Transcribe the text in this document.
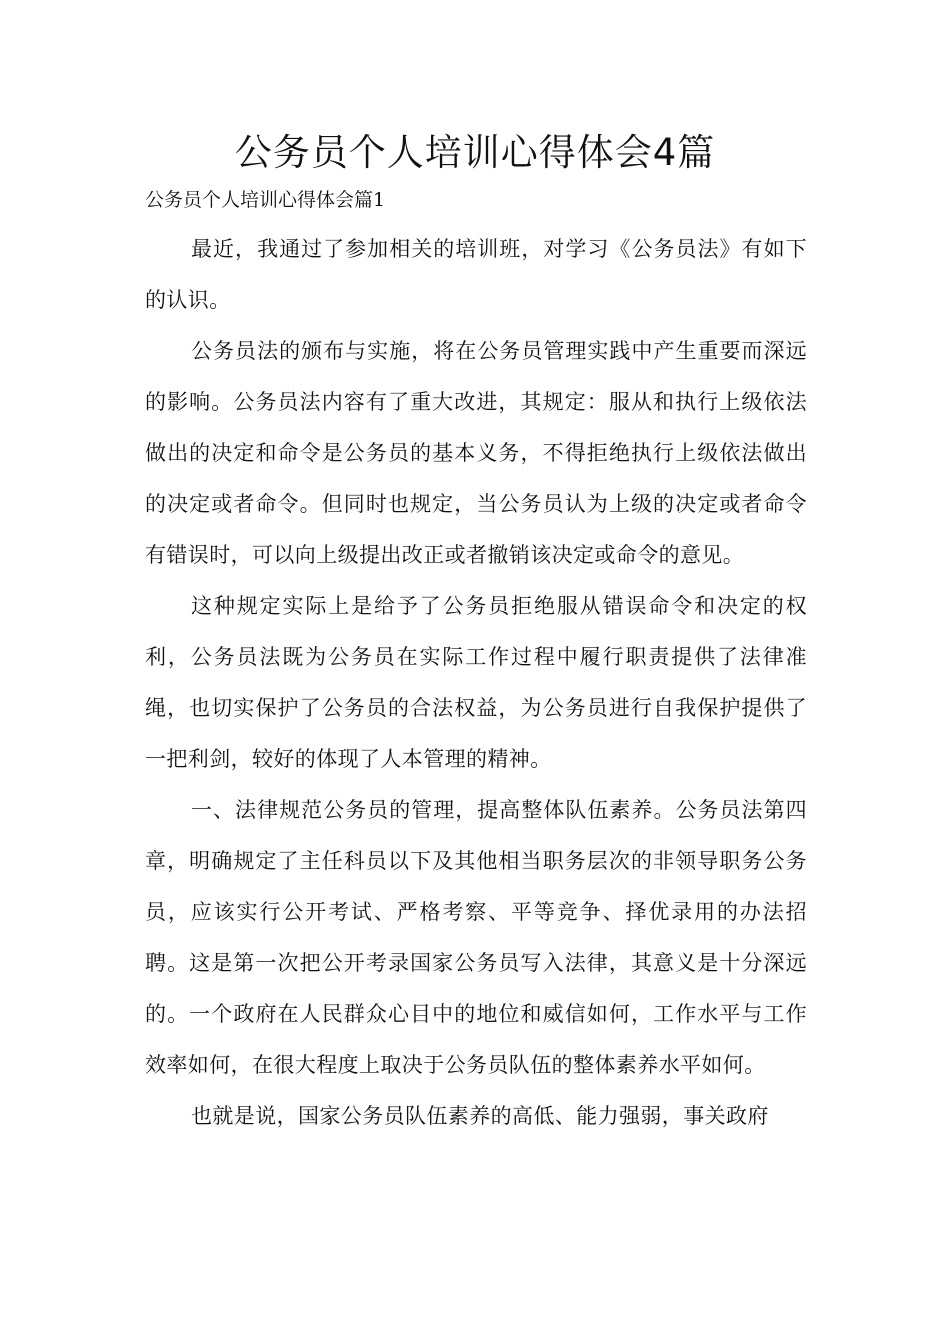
公务员个人培训心得体会4篇

公务员个人培训心得体会篇1

最近，我通过了参加相关的培训班，对学习《公务员法》有如下的认识。

公务员法的颁布与实施，将在公务员管理实践中产生重要而深远的影响。公务员法内容有了重大改进，其规定：服从和执行上级依法做出的决定和命令是公务员的基本义务，不得拒绝执行上级依法做出的决定或者命令。但同时也规定，当公务员认为上级的决定或者命令有错误时，可以向上级提出改正或者撤销该决定或命令的意见。

这种规定实际上是给予了公务员拒绝服从错误命令和决定的权利，公务员法既为公务员在实际工作过程中履行职责提供了法律准绳，也切实保护了公务员的合法权益，为公务员进行自我保护提供了一把利剑，较好的体现了人本管理的精神。

一、法律规范公务员的管理，提高整体队伍素养。公务员法第四章，明确规定了主任科员以下及其他相当职务层次的非领导职务公务员，应该实行公开考试、严格考察、平等竞争、择优录用的办法招聘。这是第一次把公开考录国家公务员写入法律，其意义是十分深远的。一个政府在人民群众心目中的地位和威信如何，工作水平与工作效率如何，在很大程度上取决于公务员队伍的整体素养水平如何。

也就是说，国家公务员队伍素养的高低、能力强弱，事关政府
